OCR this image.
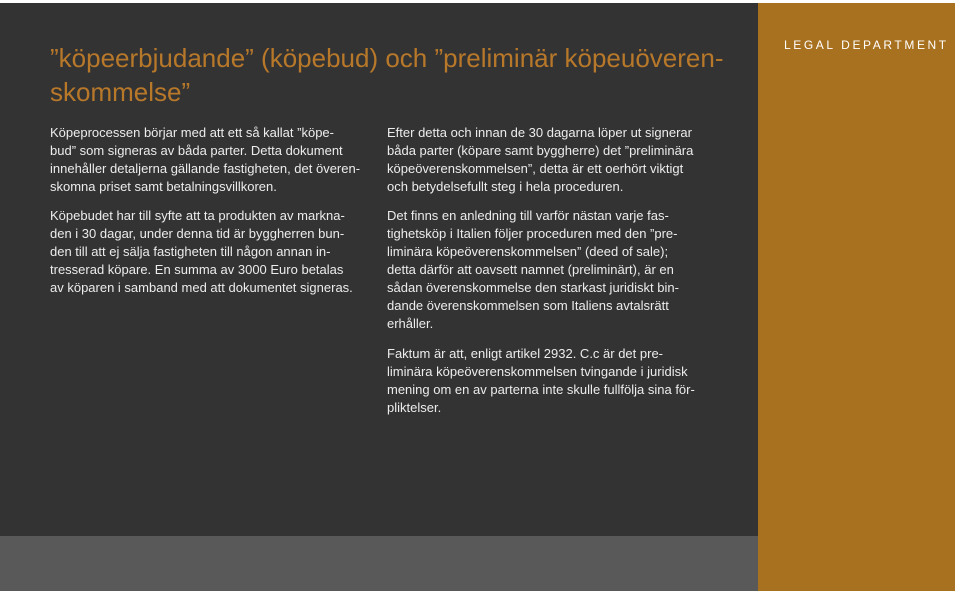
”köpeerbjudande” (köpebud) och ”preliminär köpeuöveren-
skommelse”

Köpeprocessen börjar med att ett så kallat ”köpe-
bud” som signeras av båda parter. Detta dokument
innehåller detaljerna gällande fastigheten, det överen-
skomna priset samt betalningsvillkoren.

Köpebudet har till syfte att ta produkten av markna-
den i 30 dagar, under denna tid är byggherren bun-
den till att ej sälja fastigheten till någon annan in-
tresserad köpare. En summa av 3000 Euro betalas
av köparen i samband med att dokumentet signeras.

Efter detta och innan de 30 dagarna löper ut signerar
båda parter (köpare samt byggherre) det ”preliminära
köpeöverenskommelsen”, detta är ett oerhört viktigt
och betydelsefullt steg i hela proceduren.

Det finns en anledning till varför nästan varje fas-
tighetsköp i Italien följer proceduren med den ”pre-
liminära köpeöverenskommelsen” (deed of sale);
detta därför att oavsett namnet (preliminärt), är en
sådan överenskommelse den starkast juridiskt bin-
dande överenskommelsen som Italiens avtalsrätt
erhåller.

Faktum är att, enligt artikel 2932. C.c är det pre-
liminära köpeöverenskommelsen tvingande i juridisk
mening om en av parterna inte skulle fullfölja sina för-
pliktelser.

LEGAL DEPARTMENT
